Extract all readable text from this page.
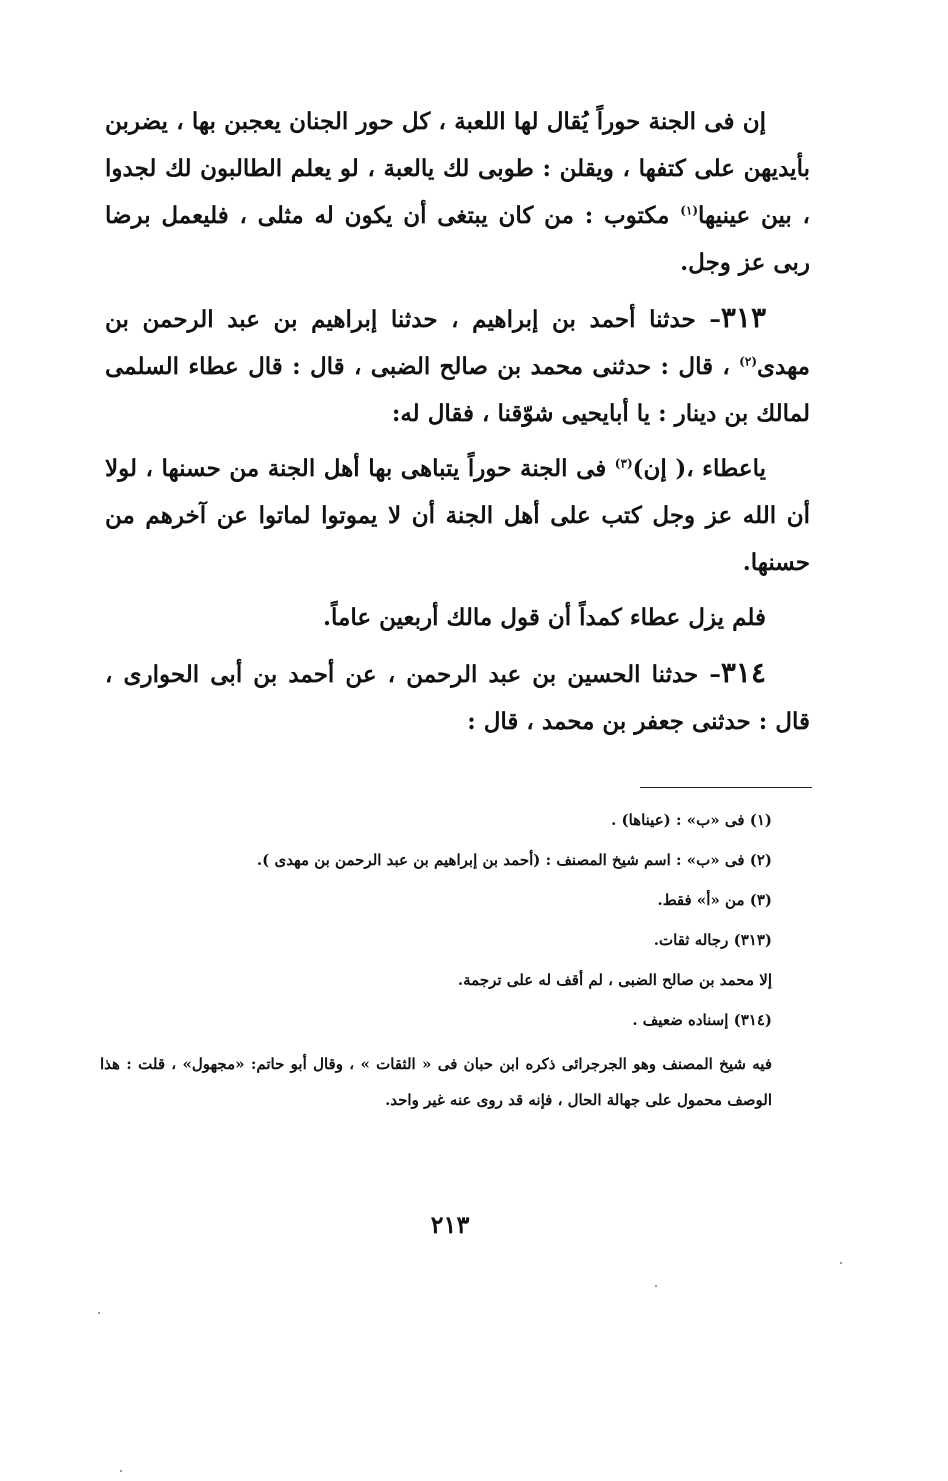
إن فى الجنة حوراً يُقال لها اللعبة ، كل حور الجنان يعجبن بها ، يضربن بأيديهن على كتفها ، ويقلن : طوبى لك يالعبة ، لو يعلم الطالبون لك لجدوا ، بين عينيها$^{(١)}$ مكتوب : من كان يبتغى أن يكون له مثلى ، فليعمل برضا ربى عز وجل.

٣١٣– حدثنا أحمد بن إبراهيم ، حدثنا إبراهيم بن عبد الرحمن بن مهدى$^{(٢)}$ ، قال : حدثنى محمد بن صالح الضبى ، قال : قال عطاء السلمى لمالك بن دينار : يا أبايحيى شوّقنا ، فقال له:

ياعطاء ،( إن)$^{(٣)}$ فى الجنة حوراً يتباهى بها أهل الجنة من حسنها ، لولا أن الله عز وجل كتب على أهل الجنة أن لا يموتوا لماتوا عن آخرهم من حسنها.

فلم يزل عطاء كمداً أن قول مالك أربعين عاماً.

٣١٤– حدثنا الحسين بن عبد الرحمن ، عن أحمد بن أبى الحوارى ، قال : حدثنى جعفر بن محمد ، قال :

(١) فى «ب» : (عيناها) .

(٢) فى «ب» : اسم شيخ المصنف : (أحمد بن إبراهيم بن عبد الرحمن بن مهدى ).

(٣) من «أ» فقط.

(٣١٣) رجاله ثقات.

إلا محمد بن صالح الضبى ، لم أقف له على ترجمة.

(٣١٤) إسناده ضعيف .

فيه شيخ المصنف وهو الجرجرائى ذكره ابن حبان فى « الثقات » ، وقال أبو حاتم: «مجهول» ، قلت : هذا الوصف محمول على جهالة الحال ، فإنه قد روى عنه غير واحد.

٢١٣
